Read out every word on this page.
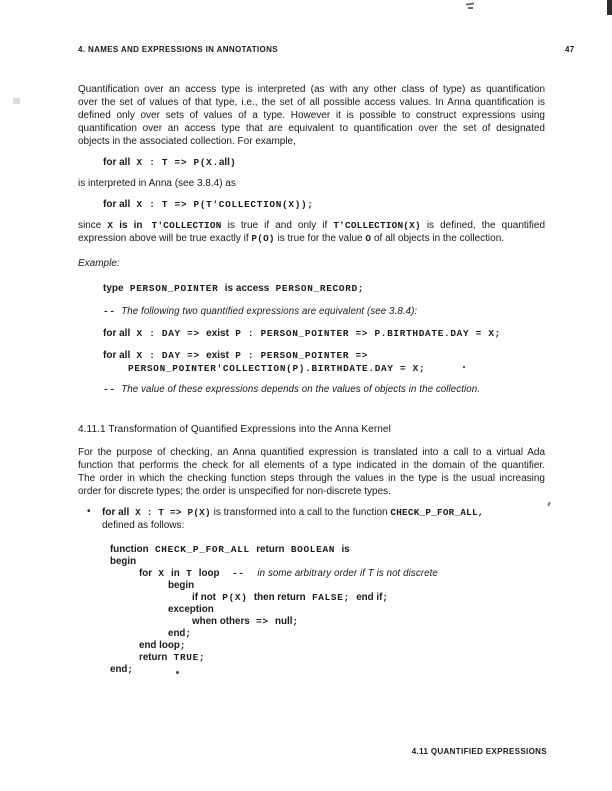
4. NAMES AND EXPRESSIONS IN ANNOTATIONS	47
Quantification over an access type is interpreted (as with any other class of type) as quantification
over the set of values of that type, i.e., the set of all possible access values. In Anna quantification is
defined only over sets of values of a type. However it is possible to construct expressions using
quantification over an access type that are equivalent to quantification over the set of designated
objects in the associated collection. For example,
for all X : T => P(X.all)
is interpreted in Anna (see 3.8.4) as
for all X : T => P(T'COLLECTION(X));
since X is in T'COLLECTION is true if and only if T'COLLECTION(X) is defined, the quantified
expression above will be true exactly if P(O) is true for the value O of all objects in the collection.
Example:
type PERSON_POINTER is access PERSON_RECORD;
--  The following two quantified expressions are equivalent (see 3.8.4):
for all X : DAY => exist P : PERSON_POINTER => P.BIRTHDATE.DAY = X;
for all X : DAY => exist P : PERSON_POINTER =>
PERSON_POINTER'COLLECTION(P).BIRTHDATE.DAY = X;
--  The value of these expressions depends on the values of objects in the collection.
4.11.1 Transformation of Quantified Expressions into the Anna Kernel
For the purpose of checking, an Anna quantified expression is translated into a call to a virtual Ada
function that performs the check for all elements of a type indicated in the domain of the quantifier.
The order in which the checking function steps through the values in the type is the usual increasing
order for discrete types; the order is unspecified for non-discrete types.
• for all X : T => P(X) is transformed into a call to the function CHECK_P_FOR_ALL,
defined as follows:
function CHECK_P_FOR_ALL return BOOLEAN is
begin
for X in T loop  --  in some arbitrary order if T is not discrete
begin
if not P(X) then return FALSE; end if;
exception
when others => null;
end;
end loop;
return TRUE;
end;
4.11 QUANTIFIED EXPRESSIONS
